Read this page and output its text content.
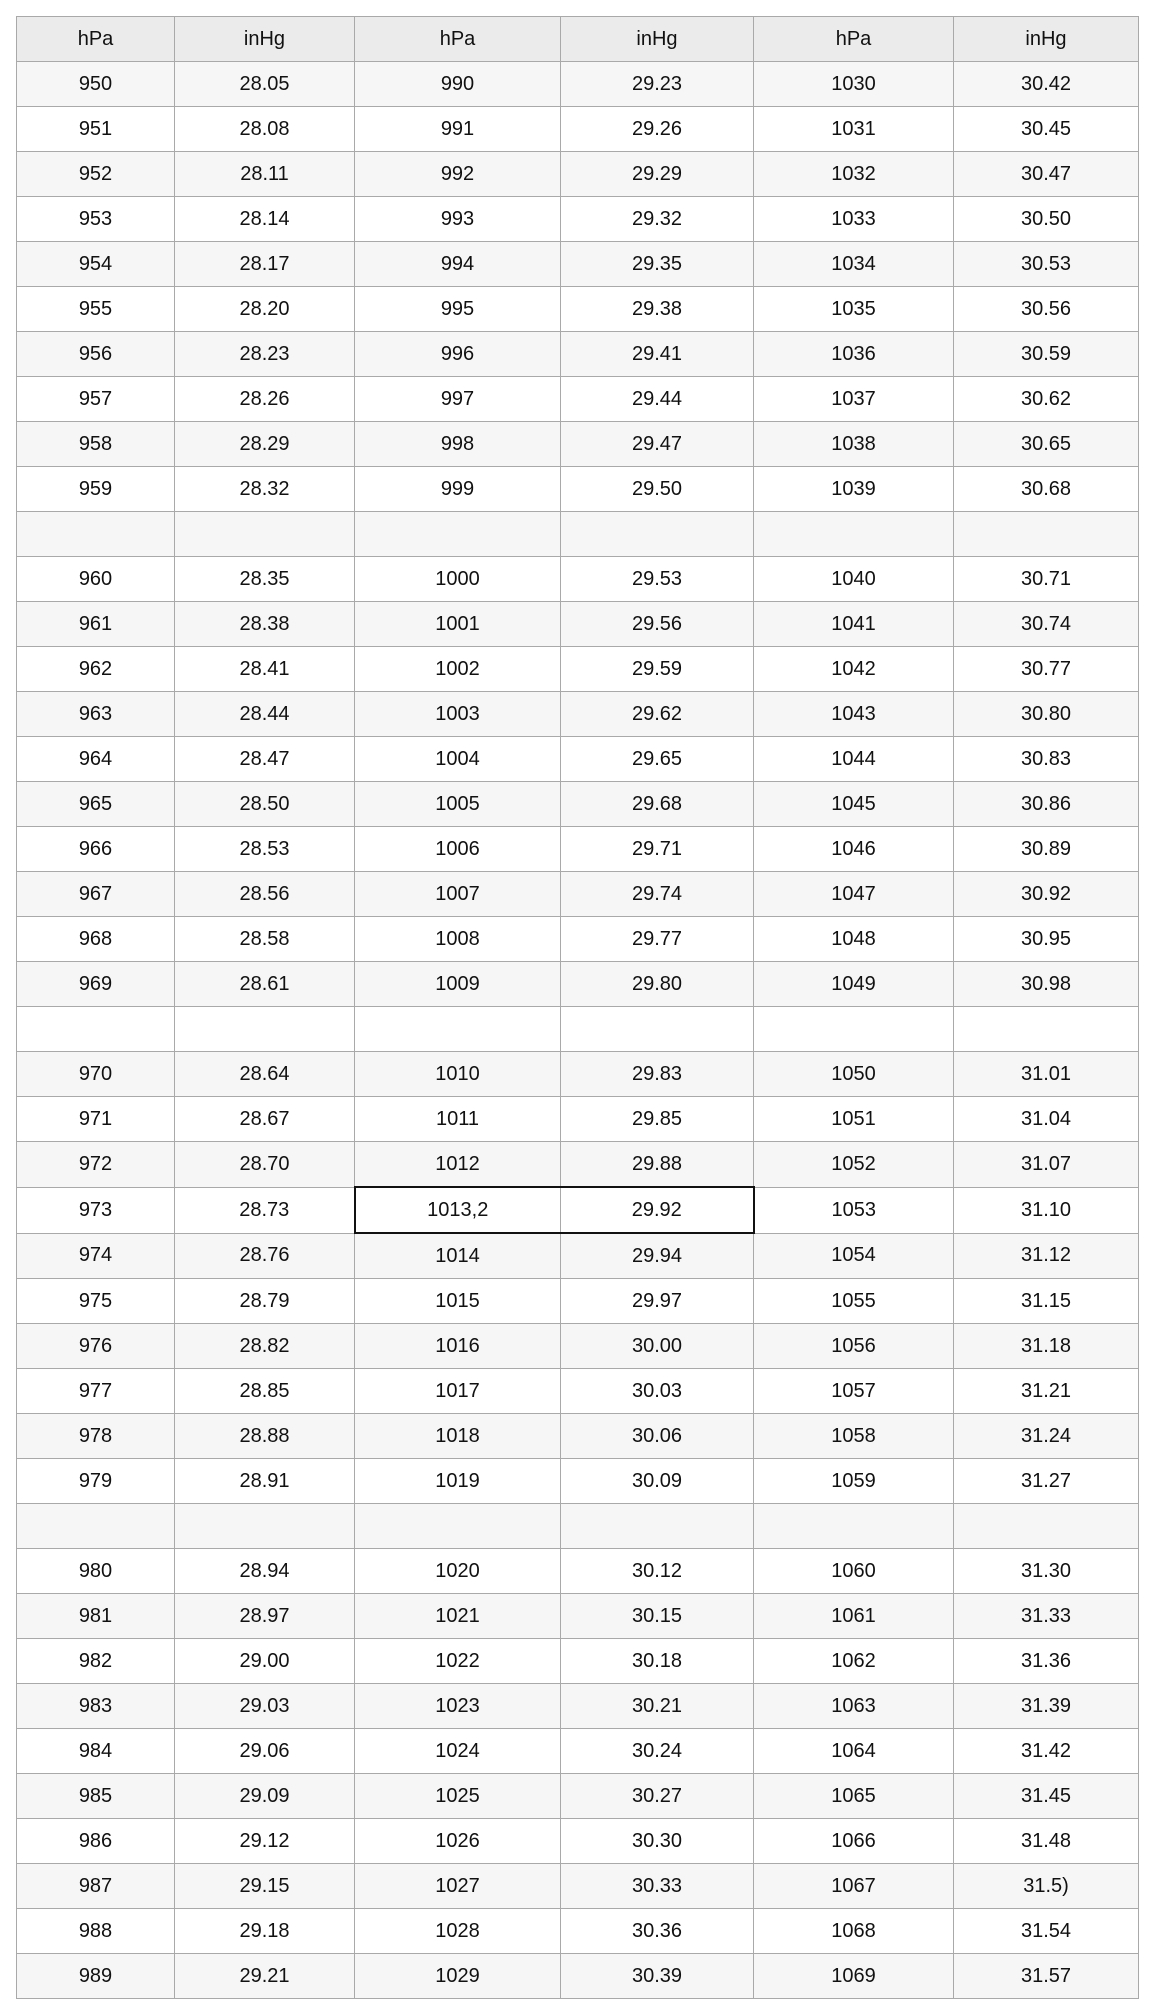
hPa	inHg	hPa	inHg	hPa	inHg
950	28.05	990	29.23	1030	30.42
951	28.08	991	29.26	1031	30.45
952	28.11	992	29.29	1032	30.47
953	28.14	993	29.32	1033	30.50
954	28.17	994	29.35	1034	30.53
955	28.20	995	29.38	1035	30.56
956	28.23	996	29.41	1036	30.59
957	28.26	997	29.44	1037	30.62
958	28.29	998	29.47	1038	30.65
959	28.32	999	29.50	1039	30.68

960	28.35	1000	29.53	1040	30.71
961	28.38	1001	29.56	1041	30.74
962	28.41	1002	29.59	1042	30.77
963	28.44	1003	29.62	1043	30.80
964	28.47	1004	29.65	1044	30.83
965	28.50	1005	29.68	1045	30.86
966	28.53	1006	29.71	1046	30.89
967	28.56	1007	29.74	1047	30.92
968	28.58	1008	29.77	1048	30.95
969	28.61	1009	29.80	1049	30.98

970	28.64	1010	29.83	1050	31.01
971	28.67	1011	29.85	1051	31.04
972	28.70	1012	29.88	1052	31.07
973	28.73	1013,2	29.92	1053	31.10
974	28.76	1014	29.94	1054	31.12
975	28.79	1015	29.97	1055	31.15
976	28.82	1016	30.00	1056	31.18
977	28.85	1017	30.03	1057	31.21
978	28.88	1018	30.06	1058	31.24
979	28.91	1019	30.09	1059	31.27

980	28.94	1020	30.12	1060	31.30
981	28.97	1021	30.15	1061	31.33
982	29.00	1022	30.18	1062	31.36
983	29.03	1023	30.21	1063	31.39
984	29.06	1024	30.24	1064	31.42
985	29.09	1025	30.27	1065	31.45
986	29.12	1026	30.30	1066	31.48
987	29.15	1027	30.33	1067	31.5)
988	29.18	1028	30.36	1068	31.54
989	29.21	1029	30.39	1069	31.57
